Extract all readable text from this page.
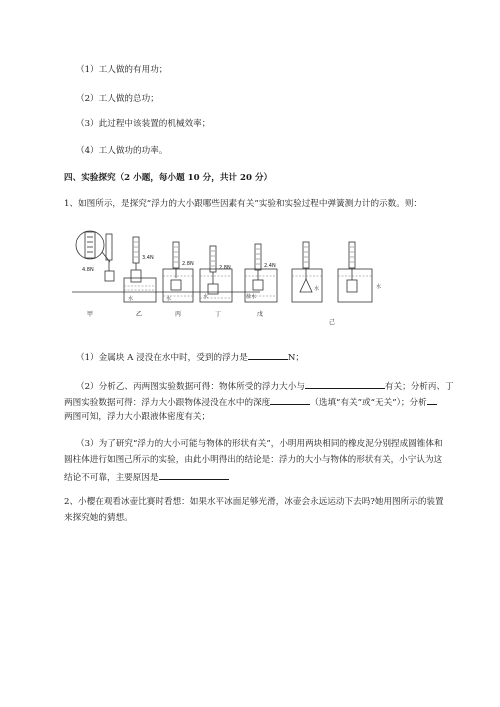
（1）工人做的有用功；
（2）工人做的总功；
（3）此过程中该装置的机械效率；
（4）工人做功的功率。
四、实验探究（2 小题，每小题 10 分，共计 20 分）
1、如图所示，是探究“浮力的大小跟哪些因素有关”实验和实验过程中弹簧测力计的示数。则：
4.8N
3.4N
2.8N
2.8N	2.4N
水	水	水	盐水
水	水
甲	乙	丙	丁	戊
己
（1）金属块 A 浸没在水中时，受到的浮力是	N；
（2）分析乙、丙两图实验数据可得：物体所受的浮力大小与	有关；分析丙、丁
两图实验数据可得：浮力大小跟物体浸没在水中的深度	（选填“有关”或“无关”）；分析
两图可知，浮力大小跟液体密度有关；
（3）为了研究“浮力的大小可能与物体的形状有关”，小明用两块相同的橡皮泥分别捏成圆锥体和
圆柱体进行如图己所示的实验，由此小明得出的结论是：浮力的大小与物体的形状有关，小宁认为这
结论不可靠，主要原因是
2、小樱在观看冰壶比赛时看想：如果水平冰面足够光滑，冰壶会永远运动下去吗?她用图所示的装置
来探究她的猜想。
